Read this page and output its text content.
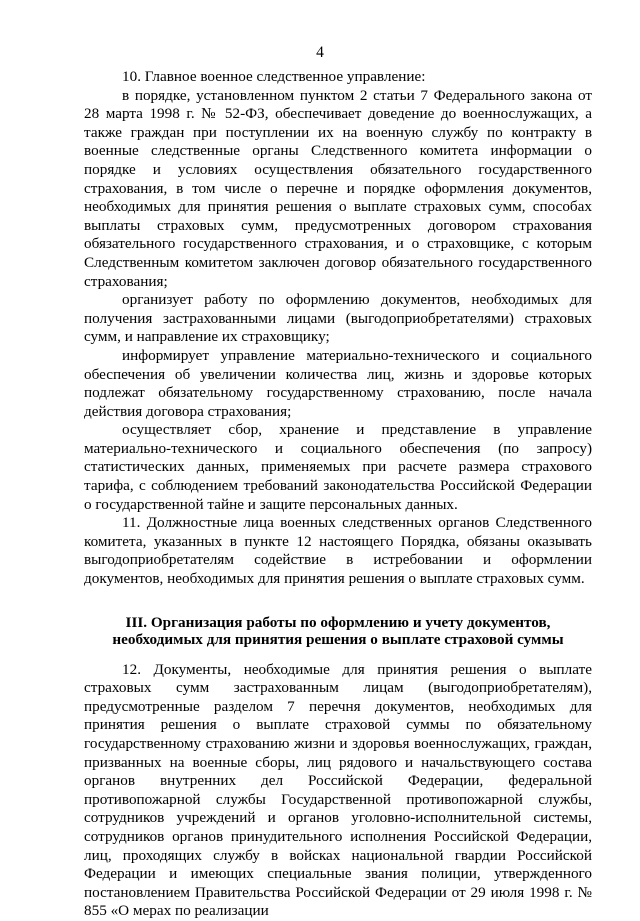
4

10. Главное военное следственное управление:

в порядке, установленном пунктом 2 статьи 7 Федерального закона от 28 марта 1998 г. № 52-ФЗ, обеспечивает доведение до военнослужащих, а также граждан при поступлении их на военную службу по контракту в военные следственные органы Следственного комитета информации о порядке и условиях осуществления обязательного государственного страхования, в том числе о перечне и порядке оформления документов, необходимых для принятия решения о выплате страховых сумм, способах выплаты страховых сумм, предусмотренных договором страхования обязательного государственного страхования, и о страховщике, с которым Следственным комитетом заключен договор обязательного государственного страхования;

организует работу по оформлению документов, необходимых для получения застрахованными лицами (выгодоприобретателями) страховых сумм, и направление их страховщику;

информирует управление материально-технического и социального обеспечения об увеличении количества лиц, жизнь и здоровье которых подлежат обязательному государственному страхованию, после начала действия договора страхования;

осуществляет сбор, хранение и представление в управление материально-технического и социального обеспечения (по запросу) статистических данных, применяемых при расчете размера страхового тарифа, с соблюдением требований законодательства Российской Федерации о государственной тайне и защите персональных данных.

11. Должностные лица военных следственных органов Следственного комитета, указанных в пункте 12 настоящего Порядка, обязаны оказывать выгодоприобретателям содействие в истребовании и оформлении документов, необходимых для принятия решения о выплате страховых сумм.

III. Организация работы по оформлению и учету документов,
необходимых для принятия решения о выплате страховой суммы

12. Документы, необходимые для принятия решения о выплате страховых сумм застрахованным лицам (выгодоприобретателям), предусмотренные разделом 7 перечня документов, необходимых для принятия решения о выплате страховой суммы по обязательному государственному страхованию жизни и здоровья военнослужащих, граждан, призванных на военные сборы, лиц рядового и начальствующего состава органов внутренних дел Российской Федерации, федеральной противопожарной службы Государственной противопожарной службы, сотрудников учреждений и органов уголовно-исполнительной системы, сотрудников органов принудительного исполнения Российской Федерации, лиц, проходящих службу в войсках национальной гвардии Российской Федерации и имеющих специальные звания полиции, утвержденного постановлением Правительства Российской Федерации от 29 июля 1998 г. № 855 «О мерах по реализации
